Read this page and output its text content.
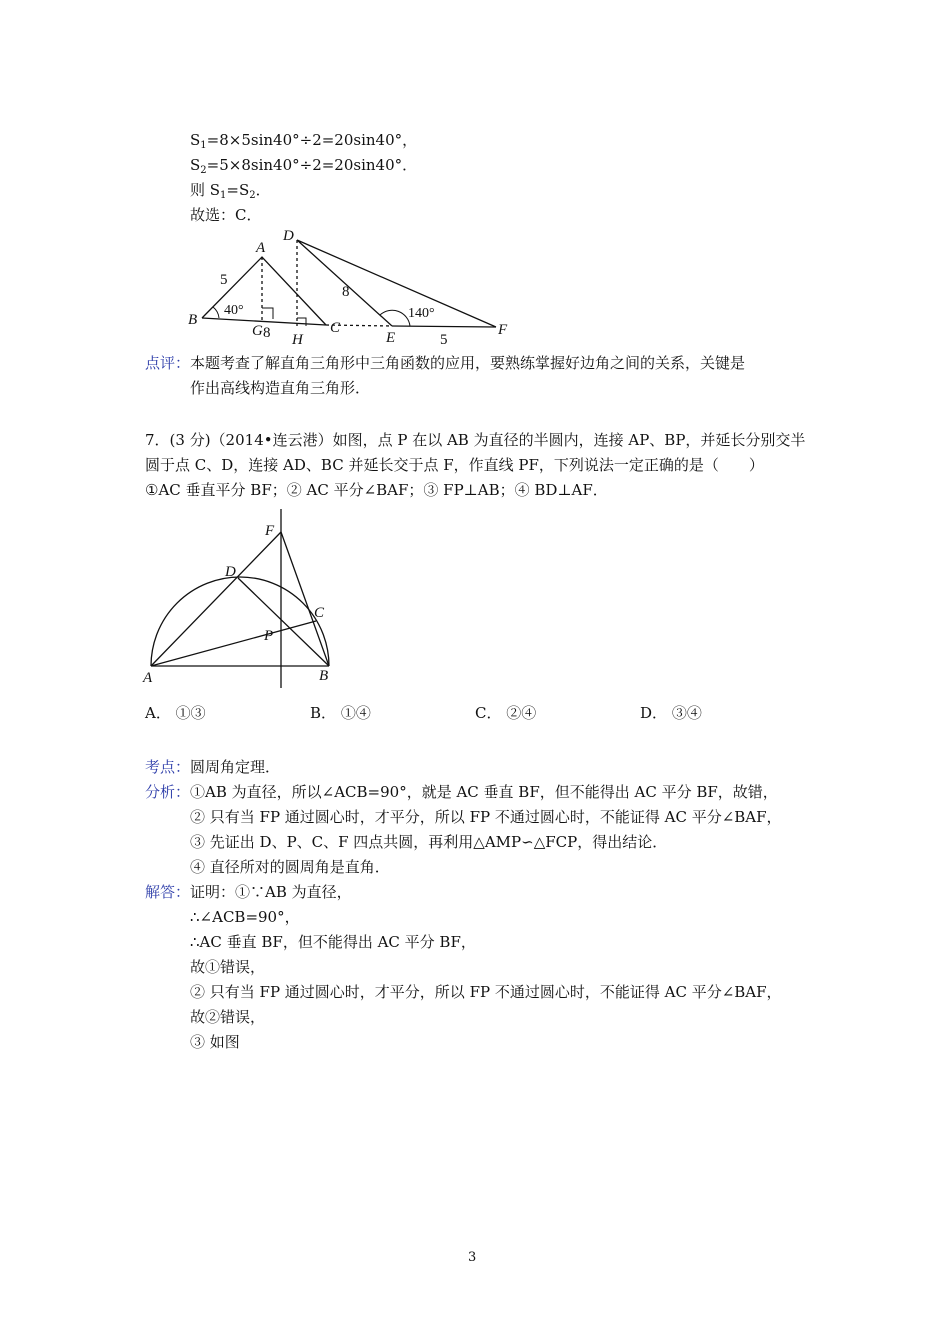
$S_1=8\times 5\sin 40^\circ\div 2=20\sin 40^\circ$，
$S_2=5\times 8\sin 40^\circ\div 2=20\sin 40^\circ$．
则 $S_1=S_2$．
故选：C．
A
B	C
D
E	F
G
H
5
8
8	5
40°	140°
点评：本题考查了解直角三角形中三角函数的应用，要熟练掌握好边角之间的关系，关键是
作出高线构造直角三角形．
7．(3 分)（2014•连云港）如图，点 P 在以 AB 为直径的半圆内，连接 AP、BP，并延长分别交半
圆于点 C、D，连接 AD、BC 并延长交于点 F，作直线 PF，下列说法一定正确的是（　　）
①AC 垂直平分 BF；② AC 平分∠BAF；③ FP⊥AB；④ BD⊥AF．
F
D
C
P
A	B
A． ①③	B． ①④	C． ②④	D． ③④
考点：圆周角定理．
分析：①AB 为直径，所以∠ACB=90°，就是 AC 垂直 BF，但不能得出 AC 平分 BF，故错，
② 只有当 FP 通过圆心时，才平分，所以 FP 不通过圆心时，不能证得 AC 平分∠BAF，
③ 先证出 D、P、C、F 四点共圆，再利用△AMP∽△FCP，得出结论．
④ 直径所对的圆周角是直角．
解答：证明：①∵AB 为直径，
∴∠ACB=90°，
∴AC 垂直 BF，但不能得出 AC 平分 BF，
故①错误，
② 只有当 FP 通过圆心时，才平分，所以 FP 不通过圆心时，不能证得 AC 平分∠BAF，
故②错误，
③ 如图
3
